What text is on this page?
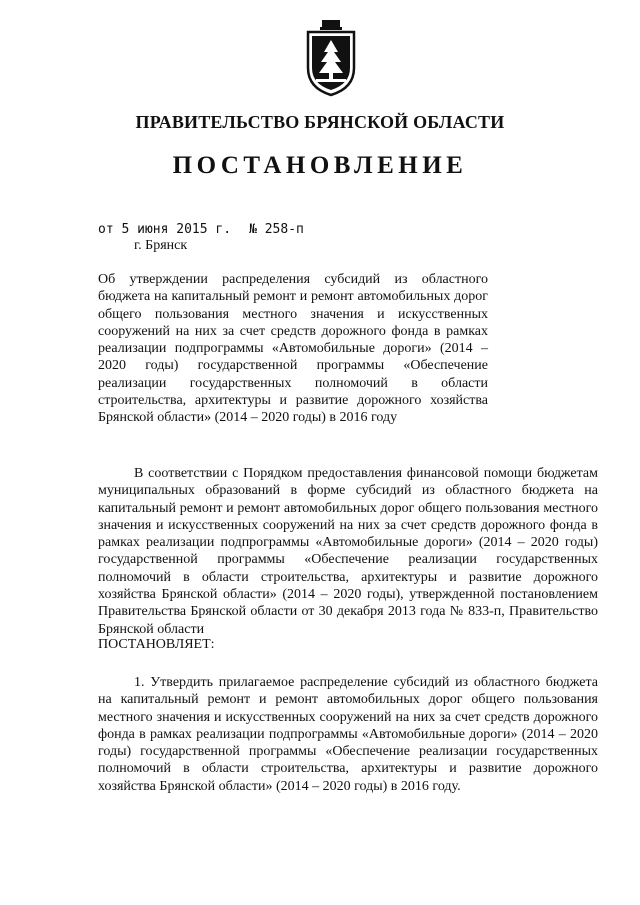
ПРАВИТЕЛЬСТВО БРЯНСКОЙ ОБЛАСТИ
ПОСТАНОВЛЕНИЕ
от 5 июня 2015 г. № 258-п
г. Брянск
Об утверждении распределения субсидий из областного бюджета на капитальный ремонт и ремонт автомобильных дорог общего пользования местного значения и искусственных сооружений на них за счет средств дорожного фонда в рамках реализации подпрограммы «Автомобильные дороги» (2014 – 2020 годы) государственной программы «Обеспечение реализации государственных полномочий в области строительства, архитектуры и развитие дорожного хозяйства Брянской области» (2014 – 2020 годы) в 2016 году
В соответствии с Порядком предоставления финансовой помощи бюджетам муниципальных образований в форме субсидий из областного бюджета на капитальный ремонт и ремонт автомобильных дорог общего пользования местного значения и искусственных сооружений на них за счет средств дорожного фонда в рамках реализации подпрограммы «Автомобильные дороги» (2014 – 2020 годы) государственной программы «Обеспечение реализации государственных полномочий в области строительства, архитектуры и развитие дорожного хозяйства Брянской области» (2014 – 2020 годы), утвержденной постановлением Правительства Брянской области от 30 декабря 2013 года № 833-п, Правительство Брянской области
ПОСТАНОВЛЯЕТ:
1. Утвердить прилагаемое распределение субсидий из областного бюджета на капитальный ремонт и ремонт автомобильных дорог общего пользования местного значения и искусственных сооружений на них за счет средств дорожного фонда в рамках реализации подпрограммы «Автомобильные дороги» (2014 – 2020 годы) государственной программы «Обеспечение реализации государственных полномочий в области строительства, архитектуры и развитие дорожного хозяйства Брянской области» (2014 – 2020 годы) в 2016 году.
